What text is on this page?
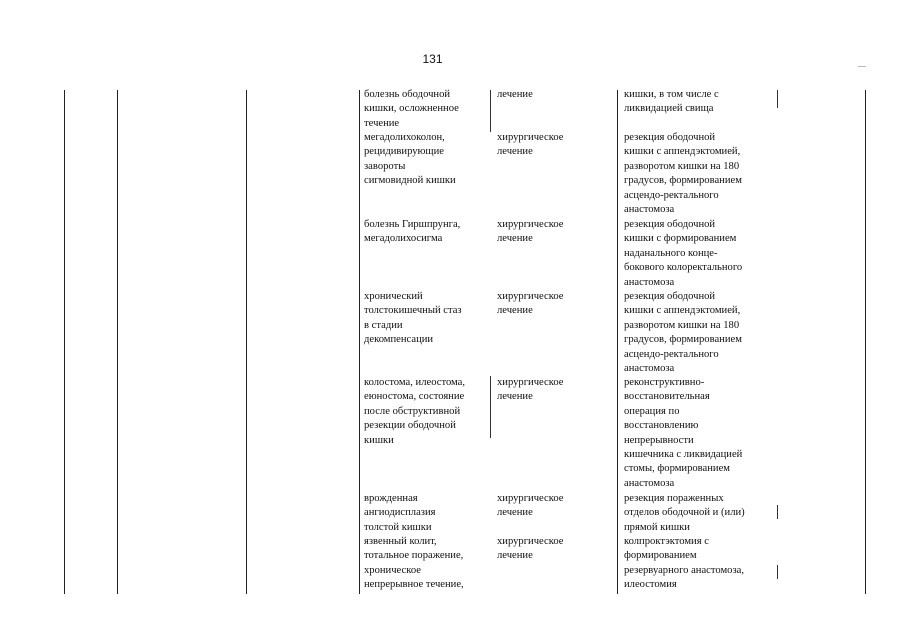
131
болезнь ободочной
кишки, осложненное
течение
лечение	кишки, в том числе с
ликвидацией свища
мегадолихоколон,
рецидивирующие
завороты
сигмовидной кишки
хирургическое
лечение
резекция ободочной
кишки с аппендэктомией,
разворотом кишки на 180
градусов, формированием
асцендо-ректального
анастомоза
болезнь Гиршпрунга,
мегадолихосигма
хирургическое
лечение
резекция ободочной
кишки с формированием
наданального конце-
бокового колоректального
анастомоза
хронический
толстокишечный стаз
в стадии
декомпенсации
хирургическое
лечение
резекция ободочной
кишки с аппендэктомией,
разворотом кишки на 180
градусов, формированием
асцендо-ректального
анастомоза
колостома, илеостома,
еюностома, состояние
после обструктивной
резекции ободочной
кишки
хирургическое
лечение
реконструктивно-
восстановительная
операция по
восстановлению
непрерывности
кишечника с ликвидацией
стомы, формированием
анастомоза
врожденная
ангиодисплазия
толстой кишки
хирургическое
лечение
резекция пораженных
отделов ободочной и (или)
прямой кишки
язвенный колит,
тотальное поражение,
хроническое
непрерывное течение,
хирургическое
лечение
колпроктэктомия с
формированием
резервуарного анастомоза,
илеостомия
